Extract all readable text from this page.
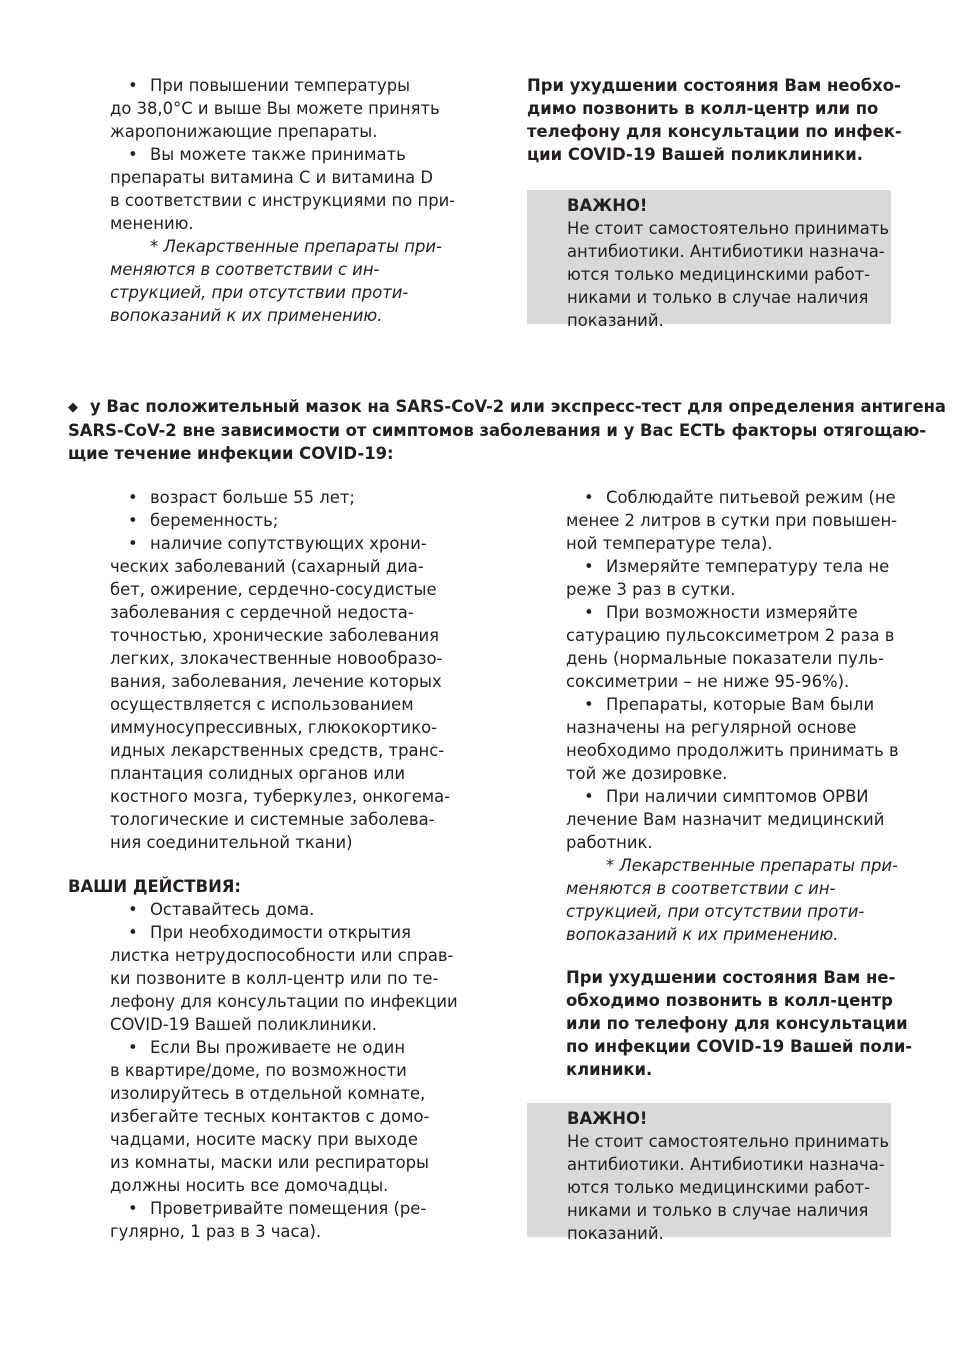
• При повышении температуры
до 38,0°С и выше Вы можете принять
жаропонижающие препараты.
• Вы можете также принимать
препараты витамина С и витамина D
в соответствии с инструкциями по при-
менению.
* Лекарственные препараты при-
меняются в соответствии с ин-
струкцией, при отсутствии проти-
вопоказаний к их применению.
При ухудшении состояния Вам необхо-
димо позвонить в колл-центр или по
телефону для консультации по инфек-
ции COVID-19 Вашей поликлиники.
ВАЖНО!
Не стоит самостоятельно принимать
антибиотики. Антибиотики назнача-
ются только медицинскими работ-
никами и только в случае наличия
показаний.
◆ у Вас положительный мазок на SARS-CoV-2 или экспресс-тест для определения антигена
SARS-CoV-2 вне зависимости от симптомов заболевания и у Вас ЕСТЬ факторы отягощаю-
щие течение инфекции COVID-19:
• возраст больше 55 лет;
• беременность;
• наличие сопутствующих хрони-
ческих заболеваний (сахарный диа-
бет, ожирение, сердечно-сосудистые
заболевания с сердечной недоста-
точностью, хронические заболевания
легких, злокачественные новообразо-
вания, заболевания, лечение которых
осуществляется с использованием
иммуносупрессивных, глюкокортико-
идных лекарственных средств, транс-
плантация солидных органов или
костного мозга, туберкулез, онкогема-
тологические и системные заболева-
ния соединительной ткани)
ВАШИ ДЕЙСТВИЯ:
• Оставайтесь дома.
• При необходимости открытия
листка нетрудоспособности или справ-
ки позвоните в колл-центр или по те-
лефону для консультации по инфекции
COVID-19 Вашей поликлиники.
• Если Вы проживаете не один
в квартире/доме, по возможности
изолируйтесь в отдельной комнате,
избегайте тесных контактов с домо-
чадцами, носите маску при выходе
из комнаты, маски или респираторы
должны носить все домочадцы.
• Проветривайте помещения (ре-
гулярно, 1 раз в 3 часа).
• Соблюдайте питьевой режим (не
менее 2 литров в сутки при повышен-
ной температуре тела).
• Измеряйте температуру тела не
реже 3 раз в сутки.
• При возможности измеряйте
сатурацию пульсоксиметром 2 раза в
день (нормальные показатели пуль-
соксиметрии – не ниже 95-96%).
• Препараты, которые Вам были
назначены на регулярной основе
необходимо продолжить принимать в
той же дозировке.
• При наличии симптомов ОРВИ
лечение Вам назначит медицинский
работник.
* Лекарственные препараты при-
меняются в соответствии с ин-
струкцией, при отсутствии проти-
вопоказаний к их применению.
При ухудшении состояния Вам не-
обходимо позвонить в колл-центр
или по телефону для консультации
по инфекции COVID-19 Вашей поли-
клиники.
ВАЖНО!
Не стоит самостоятельно принимать
антибиотики. Антибиотики назнача-
ются только медицинскими работ-
никами и только в случае наличия
показаний.
